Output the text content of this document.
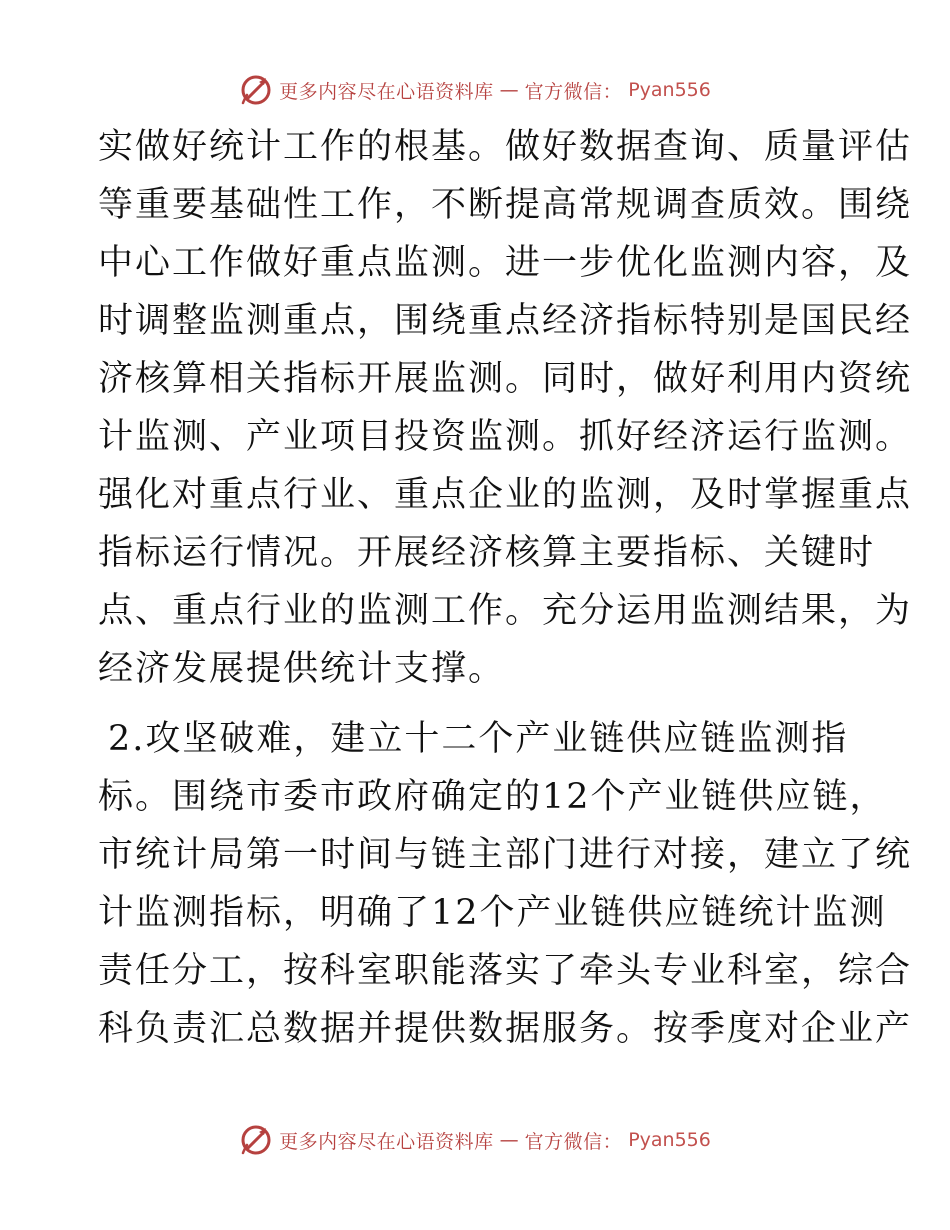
更多内容尽在心语资料库 — 官方微信： Pyan556

实做好统计工作的根基。做好数据查询、质量评估
等重要基础性工作，不断提高常规调查质效。围绕
中心工作做好重点监测。进一步优化监测内容，及
时调整监测重点，围绕重点经济指标特别是国民经
济核算相关指标开展监测。同时，做好利用内资统
计监测、产业项目投资监测。抓好经济运行监测。
强化对重点行业、重点企业的监测，及时掌握重点
指标运行情况。开展经济核算主要指标、关键时
点、重点行业的监测工作。充分运用监测结果，为
经济发展提供统计支撑。

2.攻坚破难，建立十二个产业链供应链监测指
标。围绕市委市政府确定的12个产业链供应链，
市统计局第一时间与链主部门进行对接，建立了统
计监测指标，明确了12个产业链供应链统计监测
责任分工，按科室职能落实了牵头专业科室，综合
科负责汇总数据并提供数据服务。按季度对企业产

更多内容尽在心语资料库 — 官方微信： Pyan556
